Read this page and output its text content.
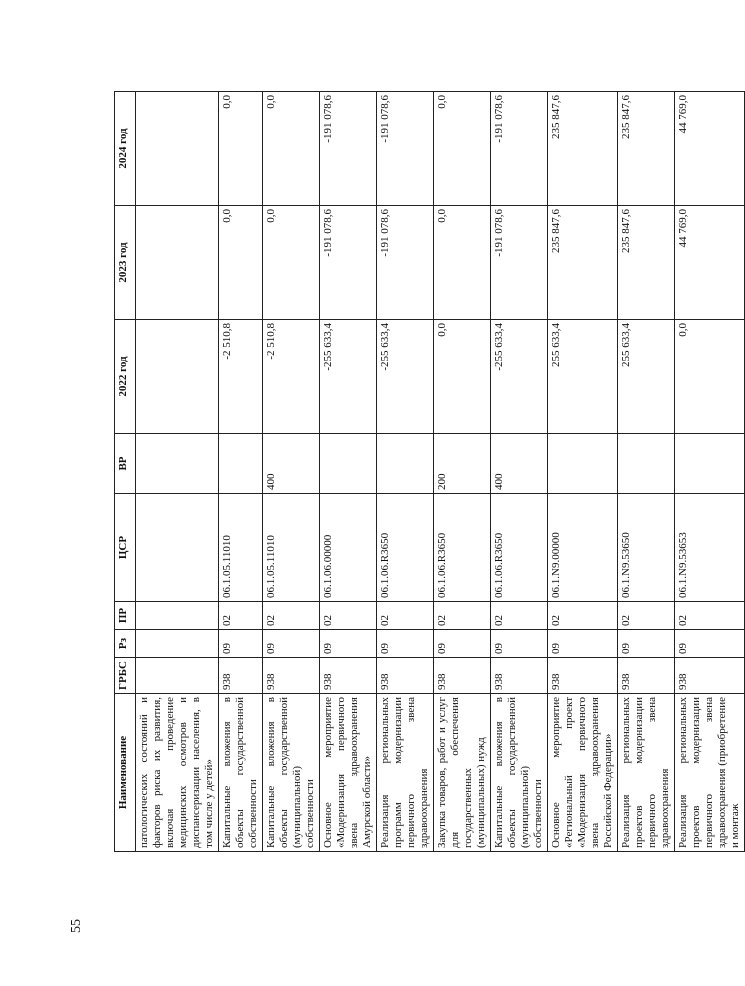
55
Наименование	ГРБС	Рз	ПР	ЦСР	ВР	2022 год	2023 год	2024 год
патологических состояний и факторов риска их развития, включая проведение медицинских осмотров и диспансеризации населения, в том числе у детей»								
Капитальные вложения в объекты государственной собственности	938	09	02	06.1.05.11010		-2 510,8	0,0	0,0
Капитальные вложения в объекты государственной (муниципальной) собственности	938	09	02	06.1.05.11010	400	-2 510,8	0,0	0,0
Основное мероприятие «Модернизация первичного звена здравоохранения Амурской области»	938	09	02	06.1.06.00000		-255 633,4	-191 078,6	-191 078,6
Реализация региональных программ модернизации первичного звена здравоохранения	938	09	02	06.1.06.R3650		-255 633,4	-191 078,6	-191 078,6
Закупка товаров, работ и услуг для обеспечения государственных (муниципальных) нужд	938	09	02	06.1.06.R3650	200	0,0	0,0	0,0
Капитальные вложения в объекты государственной (муниципальной) собственности	938	09	02	06.1.06.R3650	400	-255 633,4	-191 078,6	-191 078,6
Основное мероприятие «Региональный проект «Модернизация первичного звена здравоохранения Российской Федерации»	938	09	02	06.1.N9.00000		255 633,4	235 847,6	235 847,6
Реализация региональных проектов модернизации первичного звена здравоохранения	938	09	02	06.1.N9.53650		255 633,4	235 847,6	235 847,6
Реализация региональных проектов модернизации первичного звена здравоохранения (приобретение и монтаж	938	09	02	06.1.N9.53653		0,0	44 769,0	44 769,0
